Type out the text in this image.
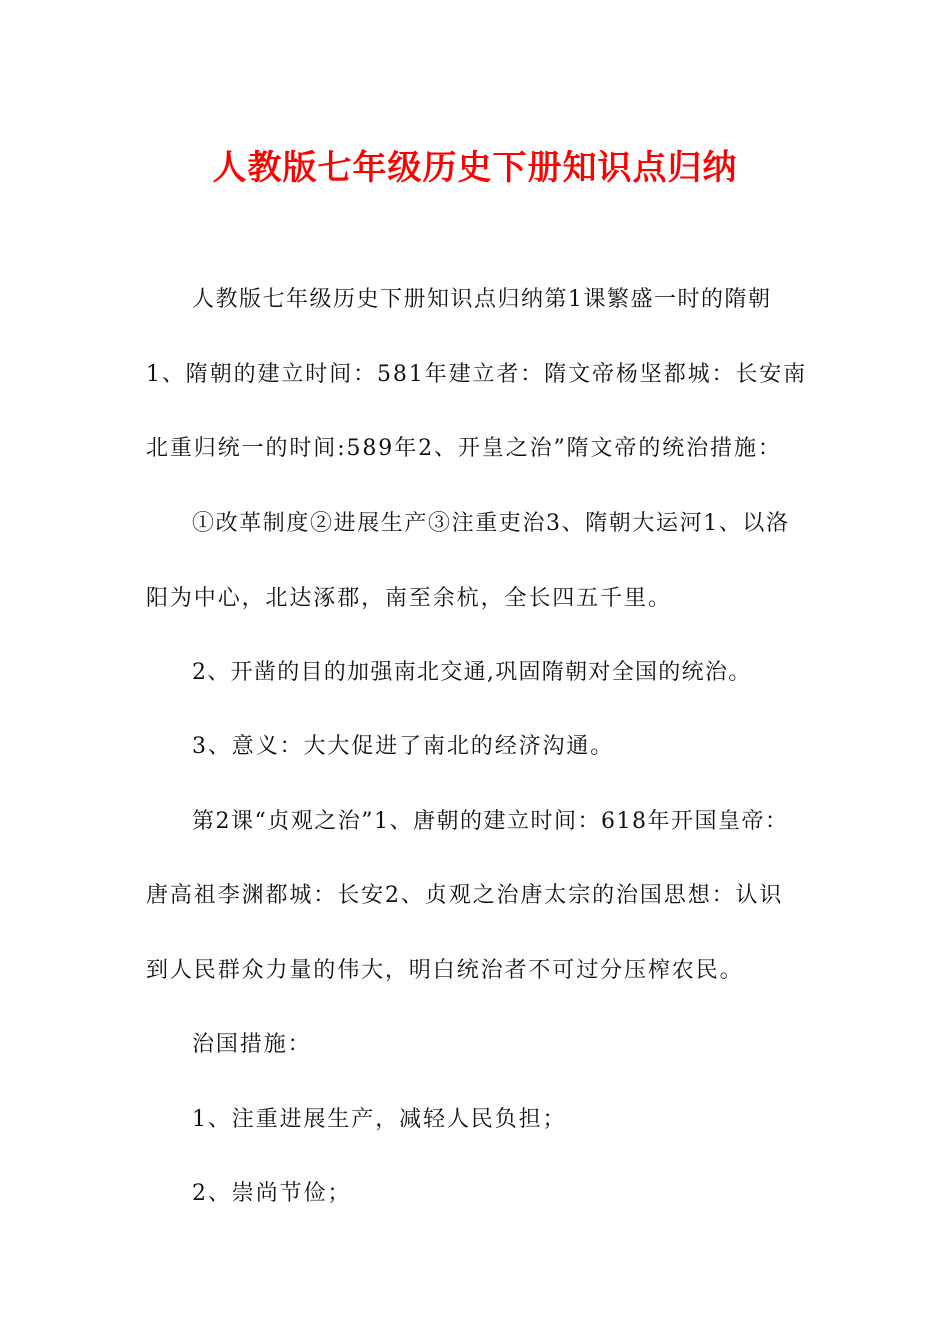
人教版七年级历史下册知识点归纳
人教版七年级历史下册知识点归纳第1课繁盛一时的隋朝
1、隋朝的建立时间：581年建立者：隋文帝杨坚都城：长安南
北重归统一的时间:589年2、开皇之治”隋文帝的统治措施：
①改革制度②进展生产③注重吏治3、隋朝大运河1、以洛
阳为中心，北达涿郡，南至余杭，全长四五千里。
2、开凿的目的加强南北交通,巩固隋朝对全国的统治。
3、意义：大大促进了南北的经济沟通。
第2课“贞观之治”1、唐朝的建立时间：618年开国皇帝：
唐高祖李渊都城：长安2、贞观之治唐太宗的治国思想：认识
到人民群众力量的伟大，明白统治者不可过分压榨农民。
治国措施：
1、注重进展生产，减轻人民负担；
2、崇尚节俭；
